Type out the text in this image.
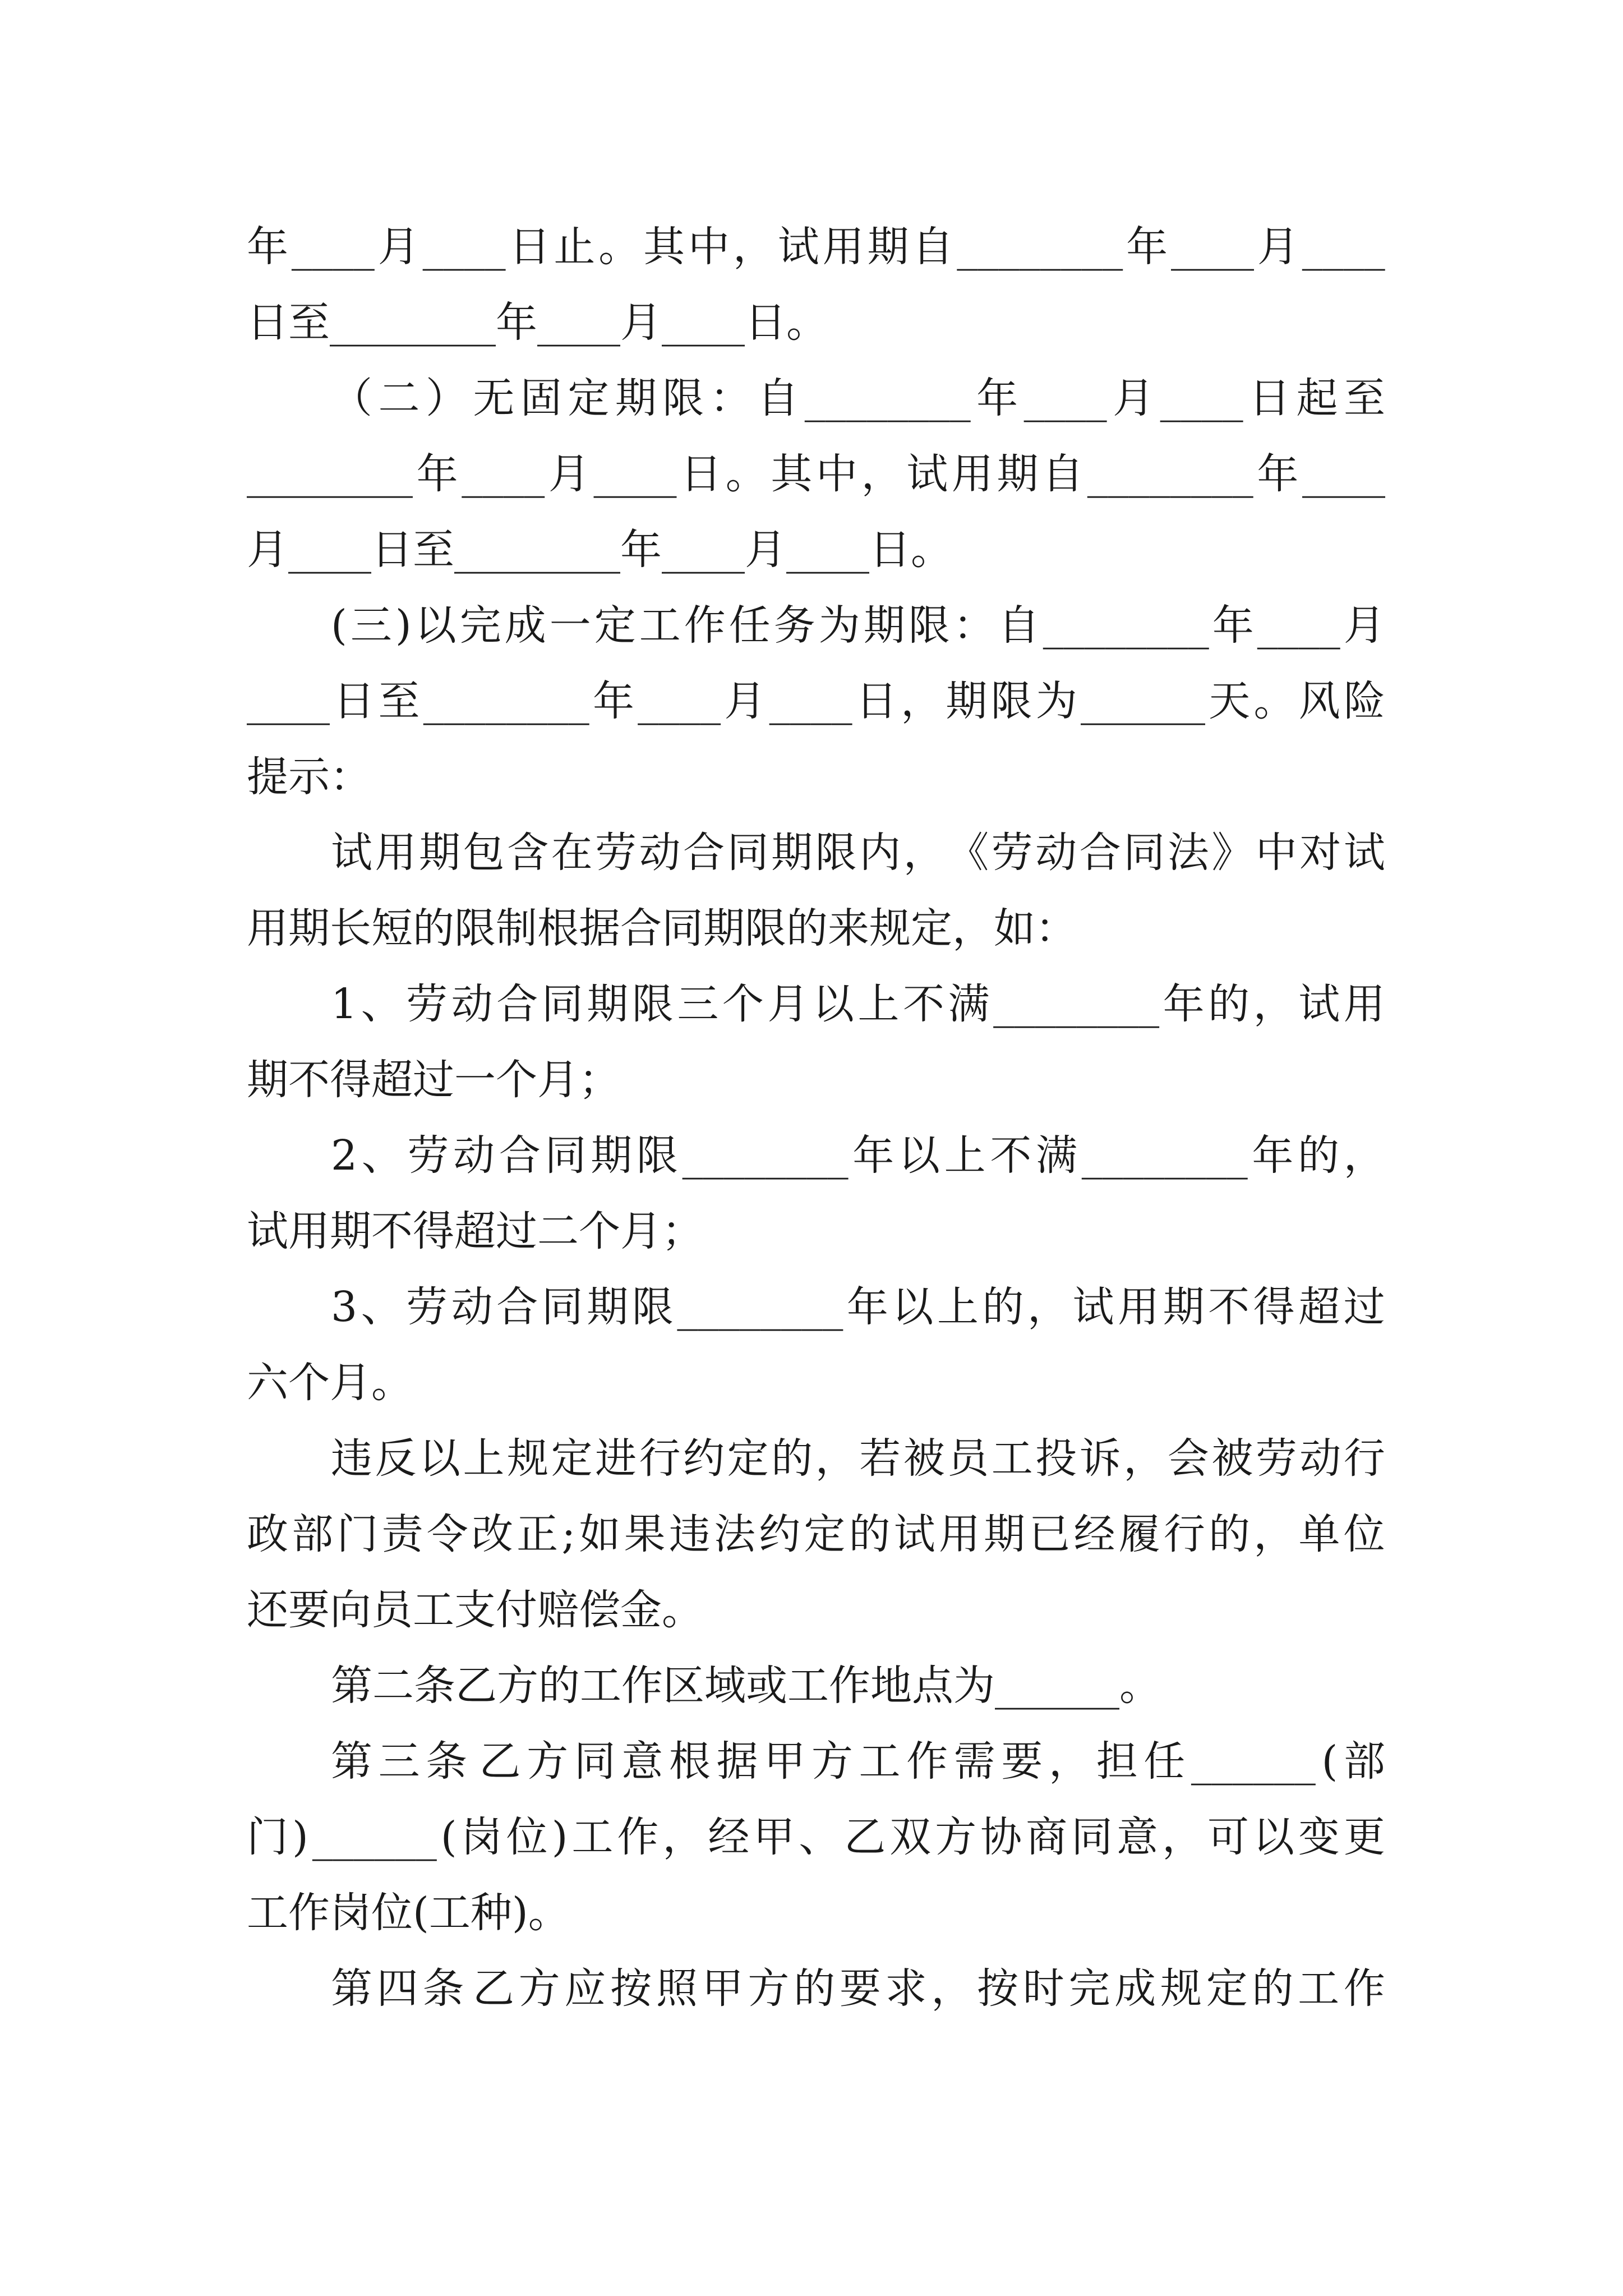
年 ____ 月 ____ 日 止 。 其 中 ， 试 用 期 自 ________ 年 ____ 月 ____
日 至 ________ 年 ____ 月 ____ 日 。
（ 二 ） 无 固 定 期 限 ： 自 ________ 年 ____ 月 ____ 日 起 至
________ 年 ____ 月 ____ 日 。 其 中 ， 试 用 期 自 ________ 年 ____
月 ____ 日 至 ________ 年 ____ 月 ____ 日 。
( 三 ) 以 完 成 一 定 工 作 任 务 为 期 限 ： 自 ________ 年 ____ 月
____ 日 至 ________ 年 ____ 月 ____ 日 ， 期 限 为 ______ 天 。 风 险
提 示 ：
试 用 期 包 含 在 劳 动 合 同 期 限 内 ， 《 劳 动 合 同 法 》 中 对 试
用 期 长 短 的 限 制 根 据 合 同 期 限 的 来 规 定 ， 如 ：
1 、 劳 动 合 同 期 限 三 个 月 以 上 不 满 ________ 年 的 ， 试 用
期 不 得 超 过 一 个 月 ；
2 、 劳 动 合 同 期 限 ________ 年 以 上 不 满 ________ 年 的 ，
试 用 期 不 得 超 过 二 个 月 ；
3 、 劳 动 合 同 期 限 ________ 年 以 上 的 ， 试 用 期 不 得 超 过
六 个 月 。
违 反 以 上 规 定 进 行 约 定 的 ， 若 被 员 工 投 诉 ， 会 被 劳 动 行
政 部 门 责 令 改 正 ; 如 果 违 法 约 定 的 试 用 期 已 经 履 行 的 ， 单 位
还 要 向 员 工 支 付 赔 偿 金 。
第 二 条 乙 方 的 工 作 区 域 或 工 作 地 点 为 ______ 。
第 三 条 乙 方 同 意 根 据 甲 方 工 作 需 要 ， 担 任 ______ ( 部
门 ) ______ ( 岗 位 ) 工 作 ， 经 甲 、 乙 双 方 协 商 同 意 ， 可 以 变 更
工 作 岗 位 ( 工 种 ) 。
第 四 条 乙 方 应 按 照 甲 方 的 要 求 ， 按 时 完 成 规 定 的 工 作
